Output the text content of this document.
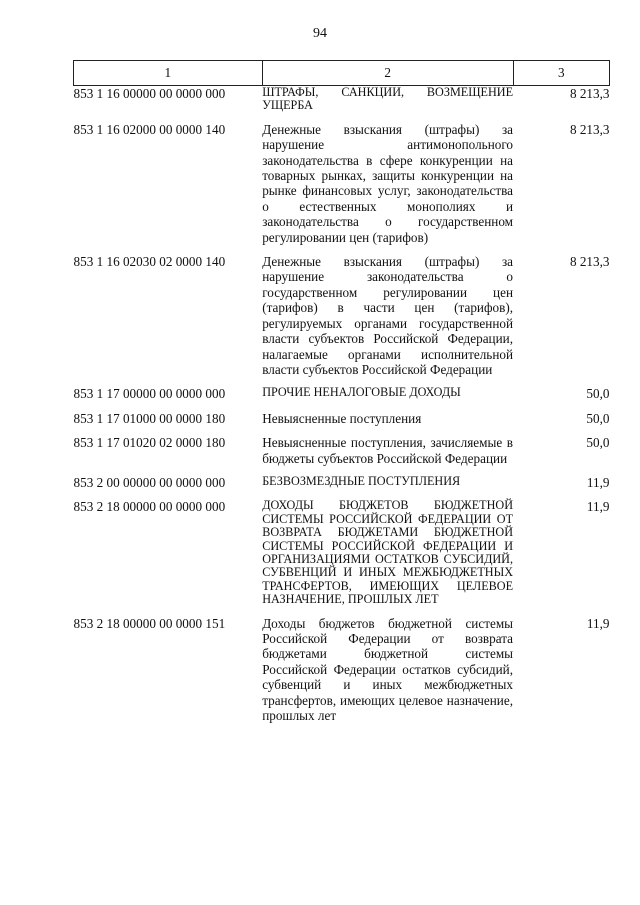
94
1	2	3
853 1 16 00000 00 0000 000	ШТРАФЫ, САНКЦИИ, ВОЗМЕЩЕНИЕ УЩЕРБА	8 213,3
853 1 16 02000 00 0000 140	Денежные взыскания (штрафы) за нарушение антимонопольного законодательства в сфере конкуренции на товарных рынках, защиты конкуренции на рынке финансовых услуг, законодательства о естественных монополиях и законодательства о государственном регулировании цен (тарифов)	8 213,3
853 1 16 02030 02 0000 140	Денежные взыскания (штрафы) за нарушение законодательства о государственном регулировании цен (тарифов) в части цен (тарифов), регулируемых органами государственной власти субъектов Российской Федерации, налагаемые органами исполнительной власти субъектов Российской Федерации	8 213,3
853 1 17 00000 00 0000 000	ПРОЧИЕ НЕНАЛОГОВЫЕ ДОХОДЫ	50,0
853 1 17 01000 00 0000 180	Невыясненные поступления	50,0
853 1 17 01020 02 0000 180	Невыясненные поступления, зачисляемые в бюджеты субъектов Российской Федерации	50,0
853 2 00 00000 00 0000 000	БЕЗВОЗМЕЗДНЫЕ ПОСТУПЛЕНИЯ	11,9
853 2 18 00000 00 0000 000	ДОХОДЫ БЮДЖЕТОВ БЮДЖЕТНОЙ СИСТЕМЫ РОССИЙСКОЙ ФЕДЕРАЦИИ ОТ ВОЗВРАТА БЮДЖЕТАМИ БЮДЖЕТНОЙ СИСТЕМЫ РОССИЙСКОЙ ФЕДЕРАЦИИ И ОРГАНИЗАЦИЯМИ ОСТАТКОВ СУБСИДИЙ, СУБВЕНЦИЙ И ИНЫХ МЕЖБЮДЖЕТНЫХ ТРАНСФЕРТОВ, ИМЕЮЩИХ ЦЕЛЕВОЕ НАЗНАЧЕНИЕ, ПРОШЛЫХ ЛЕТ	11,9
853 2 18 00000 00 0000 151	Доходы бюджетов бюджетной системы Российской Федерации от возврата бюджетами бюджетной системы Российской Федерации остатков субсидий, субвенций и иных межбюджетных трансфертов, имеющих целевое назначение, прошлых лет	11,9
